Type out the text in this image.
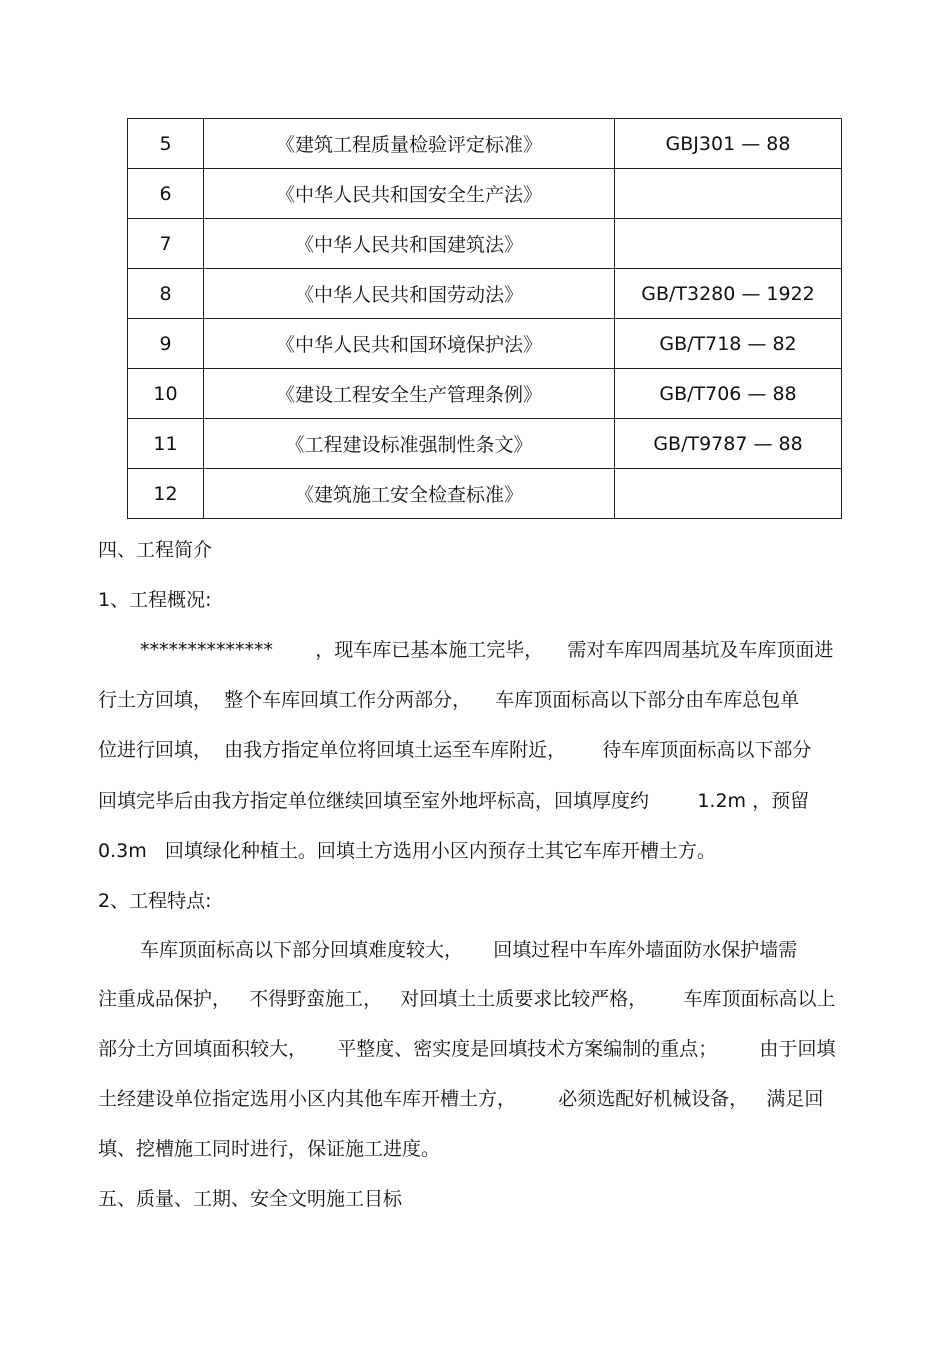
5	《建筑工程质量检验评定标准》	GBJ301 — 88
6	《中华人民共和国安全生产法》	
7	《中华人民共和国建筑法》	
8	《中华人民共和国劳动法》	GB/T3280 — 1922
9	《中华人民共和国环境保护法》	GB/T718 — 82
10	《建设工程安全生产管理条例》	GB/T706 — 88
11	《工程建设标准强制性条文》	GB/T9787 — 88
12	《建筑施工安全检查标准》	
四、工程简介
1、工程概况:
**************       ，现车库已基本施工完毕，    需对车库四周基坑及车库顶面进
行土方回填，  整个车库回填工作分两部分，    车库顶面标高以下部分由车库总包单
位进行回填，  由我方指定单位将回填土运至车库附近，      待车库顶面标高以下部分
回填完毕后由我方指定单位继续回填至室外地坪标高，回填厚度约        1.2m ，预留
0.3m   回填绿化种植土。回填土方选用小区内预存土其它车库开槽土方。
2、工程特点:
车库顶面标高以下部分回填难度较大，     回填过程中车库外墙面防水保护墙需
注重成品保护，   不得野蛮施工，   对回填土土质要求比较严格，      车库顶面标高以上
部分土方回填面积较大，     平整度、密实度是回填技术方案编制的重点；       由于回填
土经建设单位指定选用小区内其他车库开槽土方，       必须选配好机械设备，   满足回
填、挖槽施工同时进行，保证施工进度。
五、质量、工期、安全文明施工目标
